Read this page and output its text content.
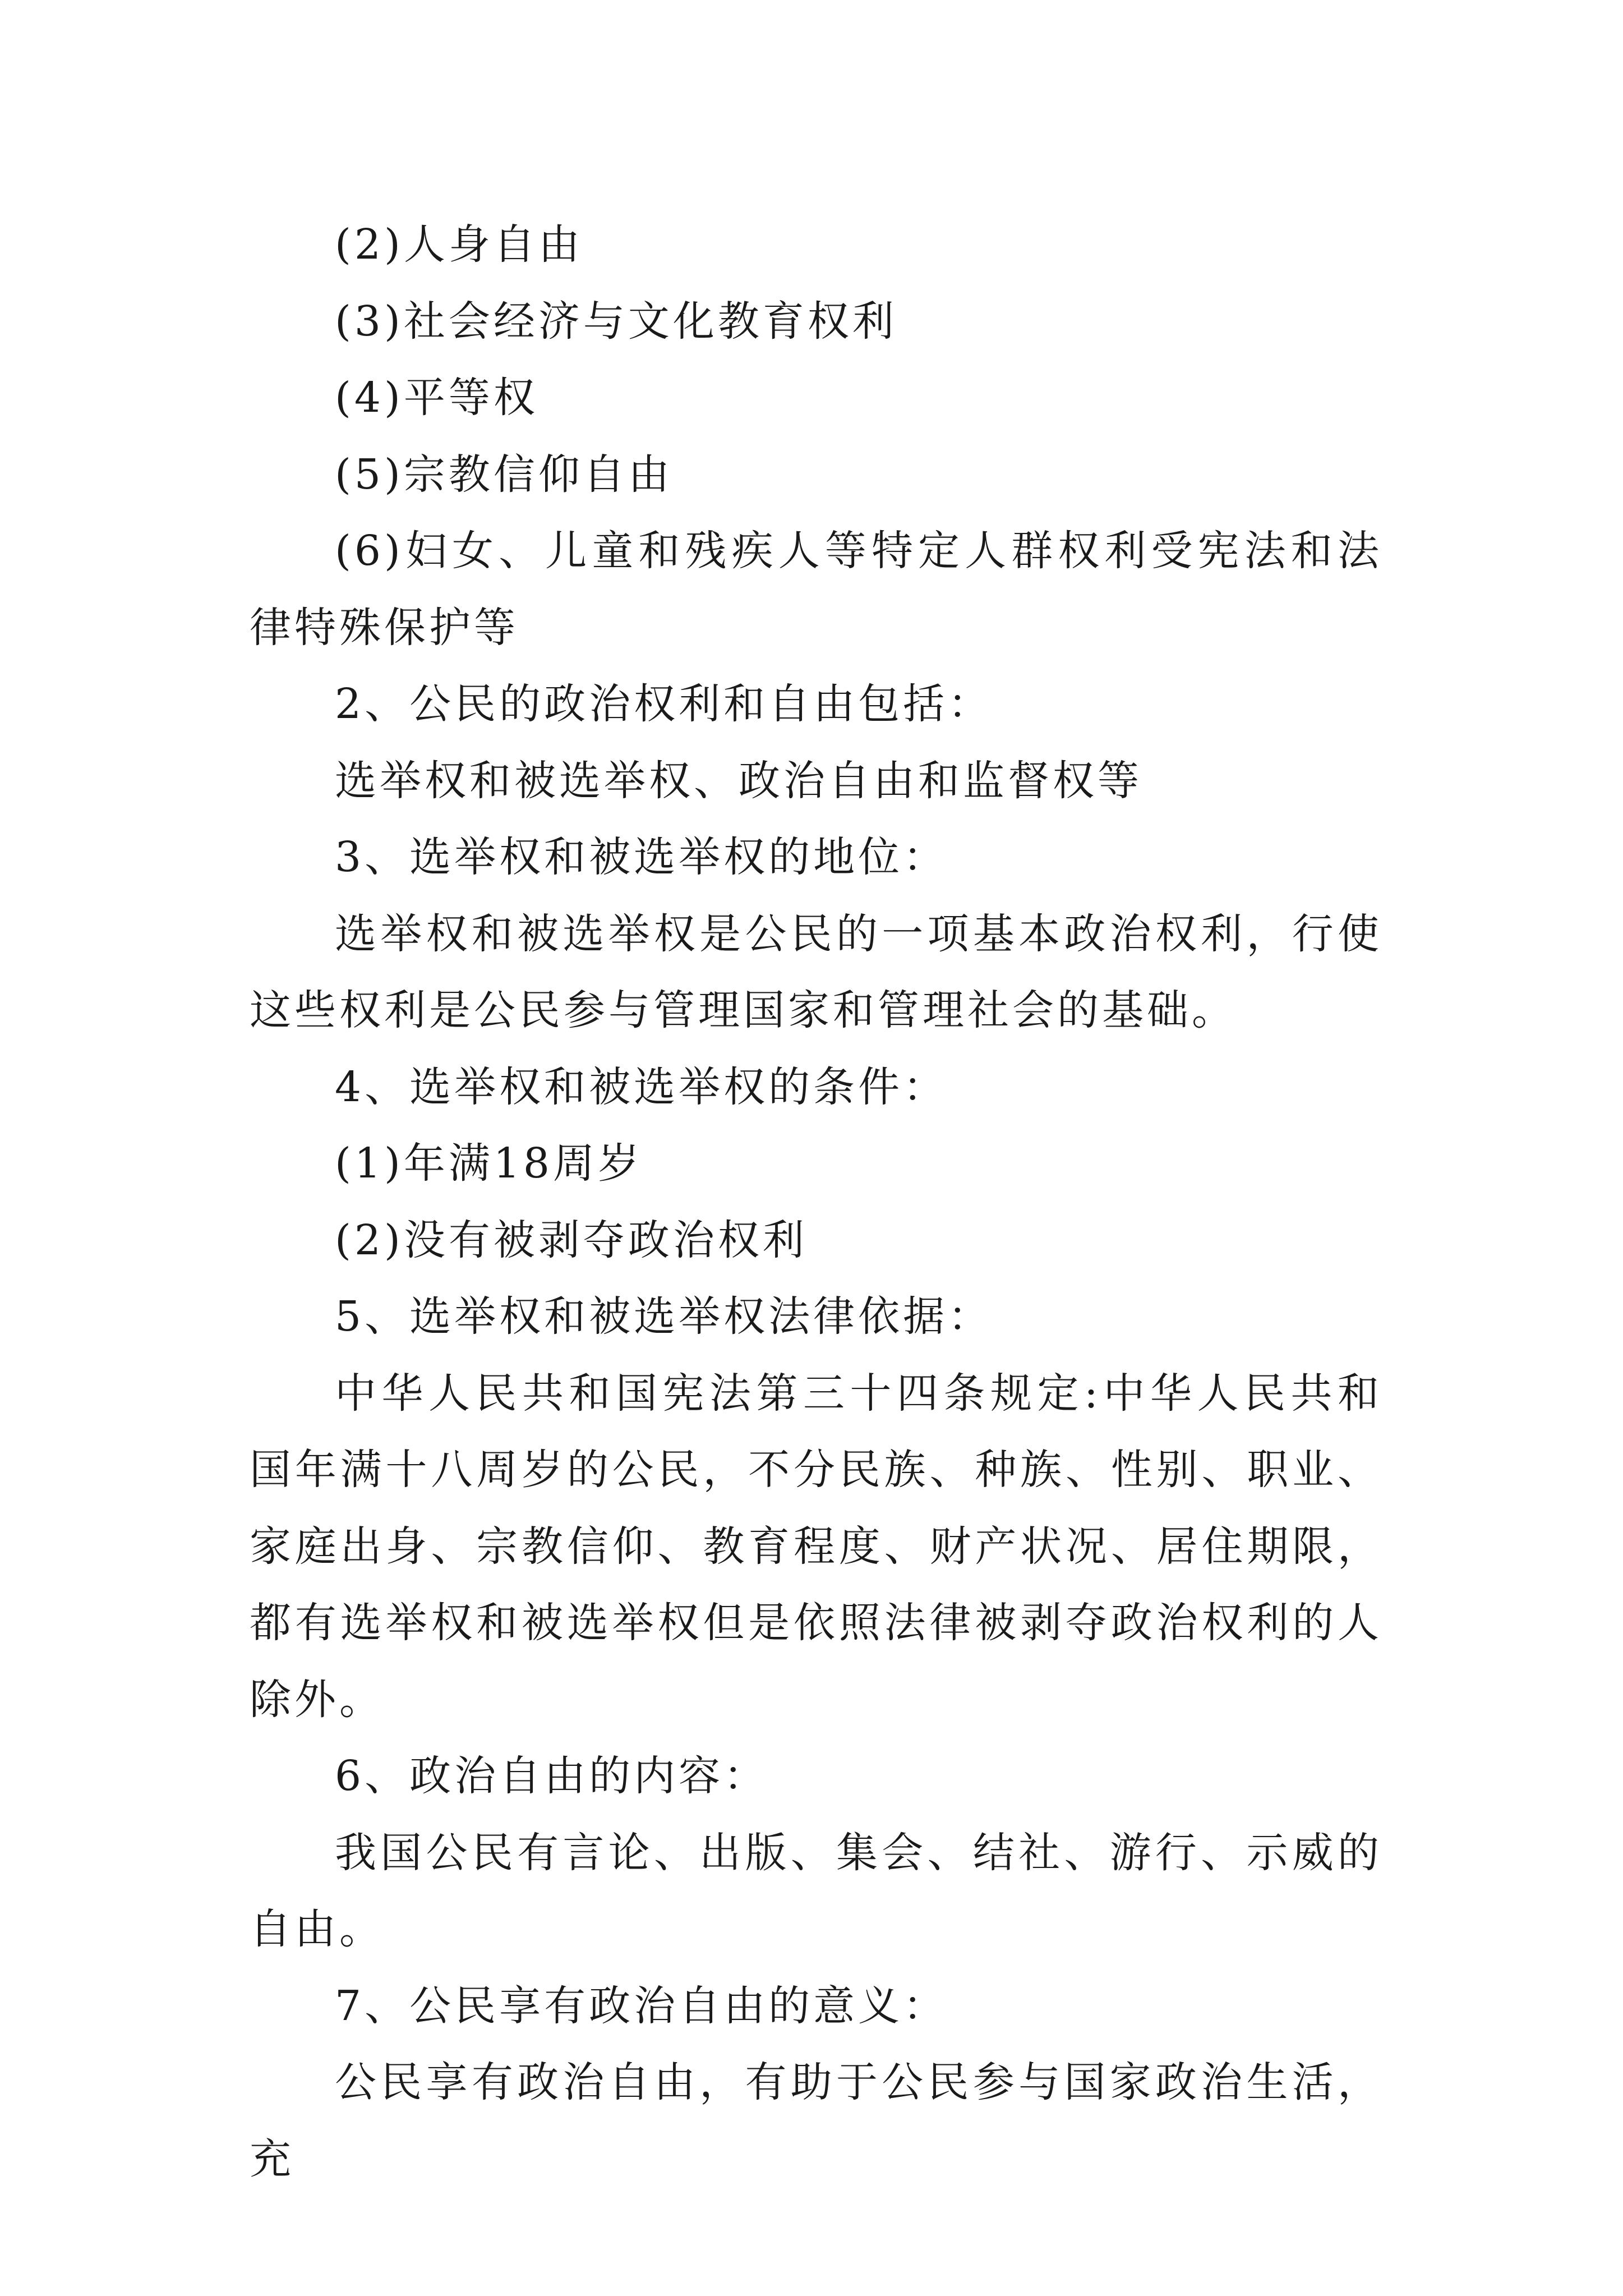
(2)人身自由

(3)社会经济与文化教育权利

(4)平等权

(5)宗教信仰自由

(6)妇女、儿童和残疾人等特定人群权利受宪法和法律特殊保护等

2、公民的政治权利和自由包括：

选举权和被选举权、政治自由和监督权等

3、选举权和被选举权的地位：

选举权和被选举权是公民的一项基本政治权利，行使这些权利是公民参与管理国家和管理社会的基础。

4、选举权和被选举权的条件：

(1)年满18周岁

(2)没有被剥夺政治权利

5、选举权和被选举权法律依据：

中华人民共和国宪法第三十四条规定:中华人民共和国年满十八周岁的公民，不分民族、种族、性别、职业、家庭出身、宗教信仰、教育程度、财产状况、居住期限，都有选举权和被选举权但是依照法律被剥夺政治权利的人除外。

6、政治自由的内容：

我国公民有言论、出版、集会、结社、游行、示威的自由。

7、公民享有政治自由的意义：

公民享有政治自由，有助于公民参与国家政治生活，充
